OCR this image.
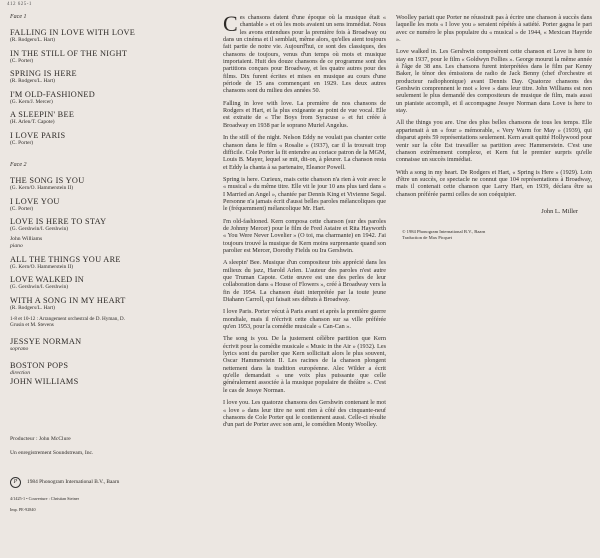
412 625-1
Face 1
FALLING IN LOVE WITH LOVE
(R. Rodgers/L. Hart)
IN THE STILL OF THE NIGHT
(C. Porter)
SPRING IS HERE
(R. Rodgers/L. Hart)
I'M OLD-FASHIONED
(G. Kern/J. Mercer)
A SLEEPIN' BEE
(H. Arlen/T. Capote)
I LOVE PARIS
(C. Porter)
Face 2
THE SONG IS YOU
(G. Kern/O. Hammerstein II)
I LOVE YOU
(C. Porter)
LOVE IS HERE TO STAY
(G. Gershwin/I. Gershwin)
John Williams
piano
ALL THE THINGS YOU ARE
(G. Kern/O. Hammerstein II)
LOVE WALKED IN
(G. Gershwin/I. Gershwin)
WITH A SONG IN MY HEART
(R. Rodgers/L. Hart)
1-8 et 10-12 : Arrangement orchestral de D. Hyman, D. Grusin et M. Stevens
JESSYE NORMAN
soprano
BOSTON POPS
direction
JOHN WILLIAMS
Producteur : John McClure
Un enregistrement Soundstream, Inc.
P	1984 Phonogram International B.V., Baarn
4/1425-1 • Couverture : Christian Steiner
Imp. PE-92840

Ces chansons datent d'une époque où la musique était « chantable » et où les mots avaient un sens immédiat. Nous les avons entendues pour la première fois à Broadway ou dans un cinéma et il semblait, même alors, qu'elles aient toujours fait partie de notre vie. Aujourd'hui, ce sont des classiques, des chansons de toujours, venus d'un temps où mots et musique importaient. Huit des douze chansons de ce programme sont des partitions conçues pour Broadway, et les quatre autres pour des films. Dix furent écrites et mises en musique au cours d'une période de 15 ans commençant en 1929. Les deux autres chansons sont du milieu des années 50.

Falling in love with love. La première de nos chansons de Rodgers et Hart, et la plus exigeante au point de vue vocal. Elle est extraite de « The Boys from Syracuse » et fut créée à Broadway en 1938 par le soprano Muriel Angelus.

In the still of the night. Nelson Eddy ne voulait pas chanter cette chanson dans le film « Rosalie » (1937), car il la trouvait trop difficile. Cole Porter la fit entendre au coriace patron de la MGM, Louis B. Mayer, lequel se mit, dit-on, à pleurer. La chanson resta et Eddy la chanta à sa partenaire, Eleanor Powell.

Spring is here. Curieux, mais cette chanson n'a rien à voir avec le « musical » du même titre. Elle vit le jour 10 ans plus tard dans « I Married an Angel », chantée par Dennis King et Vivienne Segal. Personne n'a jamais écrit d'aussi belles paroles mélancoliques que le (fréquemment) mélancolique Mr. Hart.

I'm old-fashioned. Kern composa cette chanson (sur des paroles de Johnny Mercer) pour le film de Fred Astaire et Rita Hayworth « You Were Never Lovelier » (O toi, ma charmante) en 1942. J'ai toujours trouvé la musique de Kern moins surprenante quand son parolier est Mercer, Dorothy Fields ou Ira Gershwin.

A sleepin' Bee. Musique d'un compositeur très apprécié dans les milieux du jazz, Harold Arlen. L'auteur des paroles n'est autre que Truman Capote. Cette œuvre est une des perles de leur collaboration dans « House of Flowers », créé à Broadway vers la fin de 1954. La chanson était interprétée par la toute jeune Diahann Carroll, qui faisait ses débuts à Broadway.

I love Paris. Porter vécut à Paris avant et après la première guerre mondiale, mais il n'écrivit cette chanson sur sa ville préférée qu'en 1953, pour la comédie musicale « Can-Can ».

The song is you. De la justement célèbre partition que Kern écrivit pour la comédie musicale « Music in the Air » (1932). Les lyrics sont du parolier que Kern sollicitait alors le plus souvent, Oscar Hammerstein II. Les racines de la chanson plongent nettement dans la tradition européenne. Alec Wilder a écrit qu'elle demandait « une voix plus puissante que celle généralement associée à la musique populaire de théâtre ». C'est le cas de Jessye Norman.

I love you. Les quatorze chansons des Gershwin contenant le mot « love » dans leur titre ne sont rien à côté des cinquante-neuf chansons de Cole Porter qui le contiennent aussi. Celle-ci résulte d'un pari de Porter avec son ami, le comédien Monty Woolley.

Woolley pariait que Porter ne réussirait pas à écrire une chanson à succès dans laquelle les mots « I love you » seraient répétés à satiété. Porter gagna le pari avec ce numéro le plus populaire du « musical » de 1944, « Mexican Hayride ».

Love walked in. Les Gershwin composèrent cette chanson et Love is here to stay en 1937, pour le film « Goldwyn Follies ». George mourut la même année à l'âge de 38 ans. Les chansons furent interprétées dans le film par Kenny Baker, le ténor des émissions de radio de Jack Benny (chef d'orchestre et producteur radiophonique) avant Dennis Day. Quatorze chansons des Gershwin comprennent le mot « love » dans leur titre. John Williams est non seulement le plus demandé des compositeurs de musique de film, mais aussi un pianiste accompli, et il accompagne Jessye Norman dans Love is here to stay.

All the things you are. Une des plus belles chansons de tous les temps. Elle appartenait à un « four » mémorable, « Very Warm for May » (1939), qui disparut après 59 représentations seulement. Kern avait quitté Hollywood pour venir sur la côte Est travailler sa partition avec Hammerstein. C'est une chanson extrêmement complexe, et Kern fut le premier surpris qu'elle connaisse un succès immédiat.

With a song in my heart. De Rodgers et Hart, « Spring is Here » (1929). Loin d'être un succès, ce spectacle ne connut que 104 représentations à Broadway, mais il contenait cette chanson que Larry Hart, en 1939, déclara être sa chanson préférée parmi celles de son coéquipier.

John L. Miller
© 1984 Phonogram International B.V., Baarn
Traduction de Max Picquet
